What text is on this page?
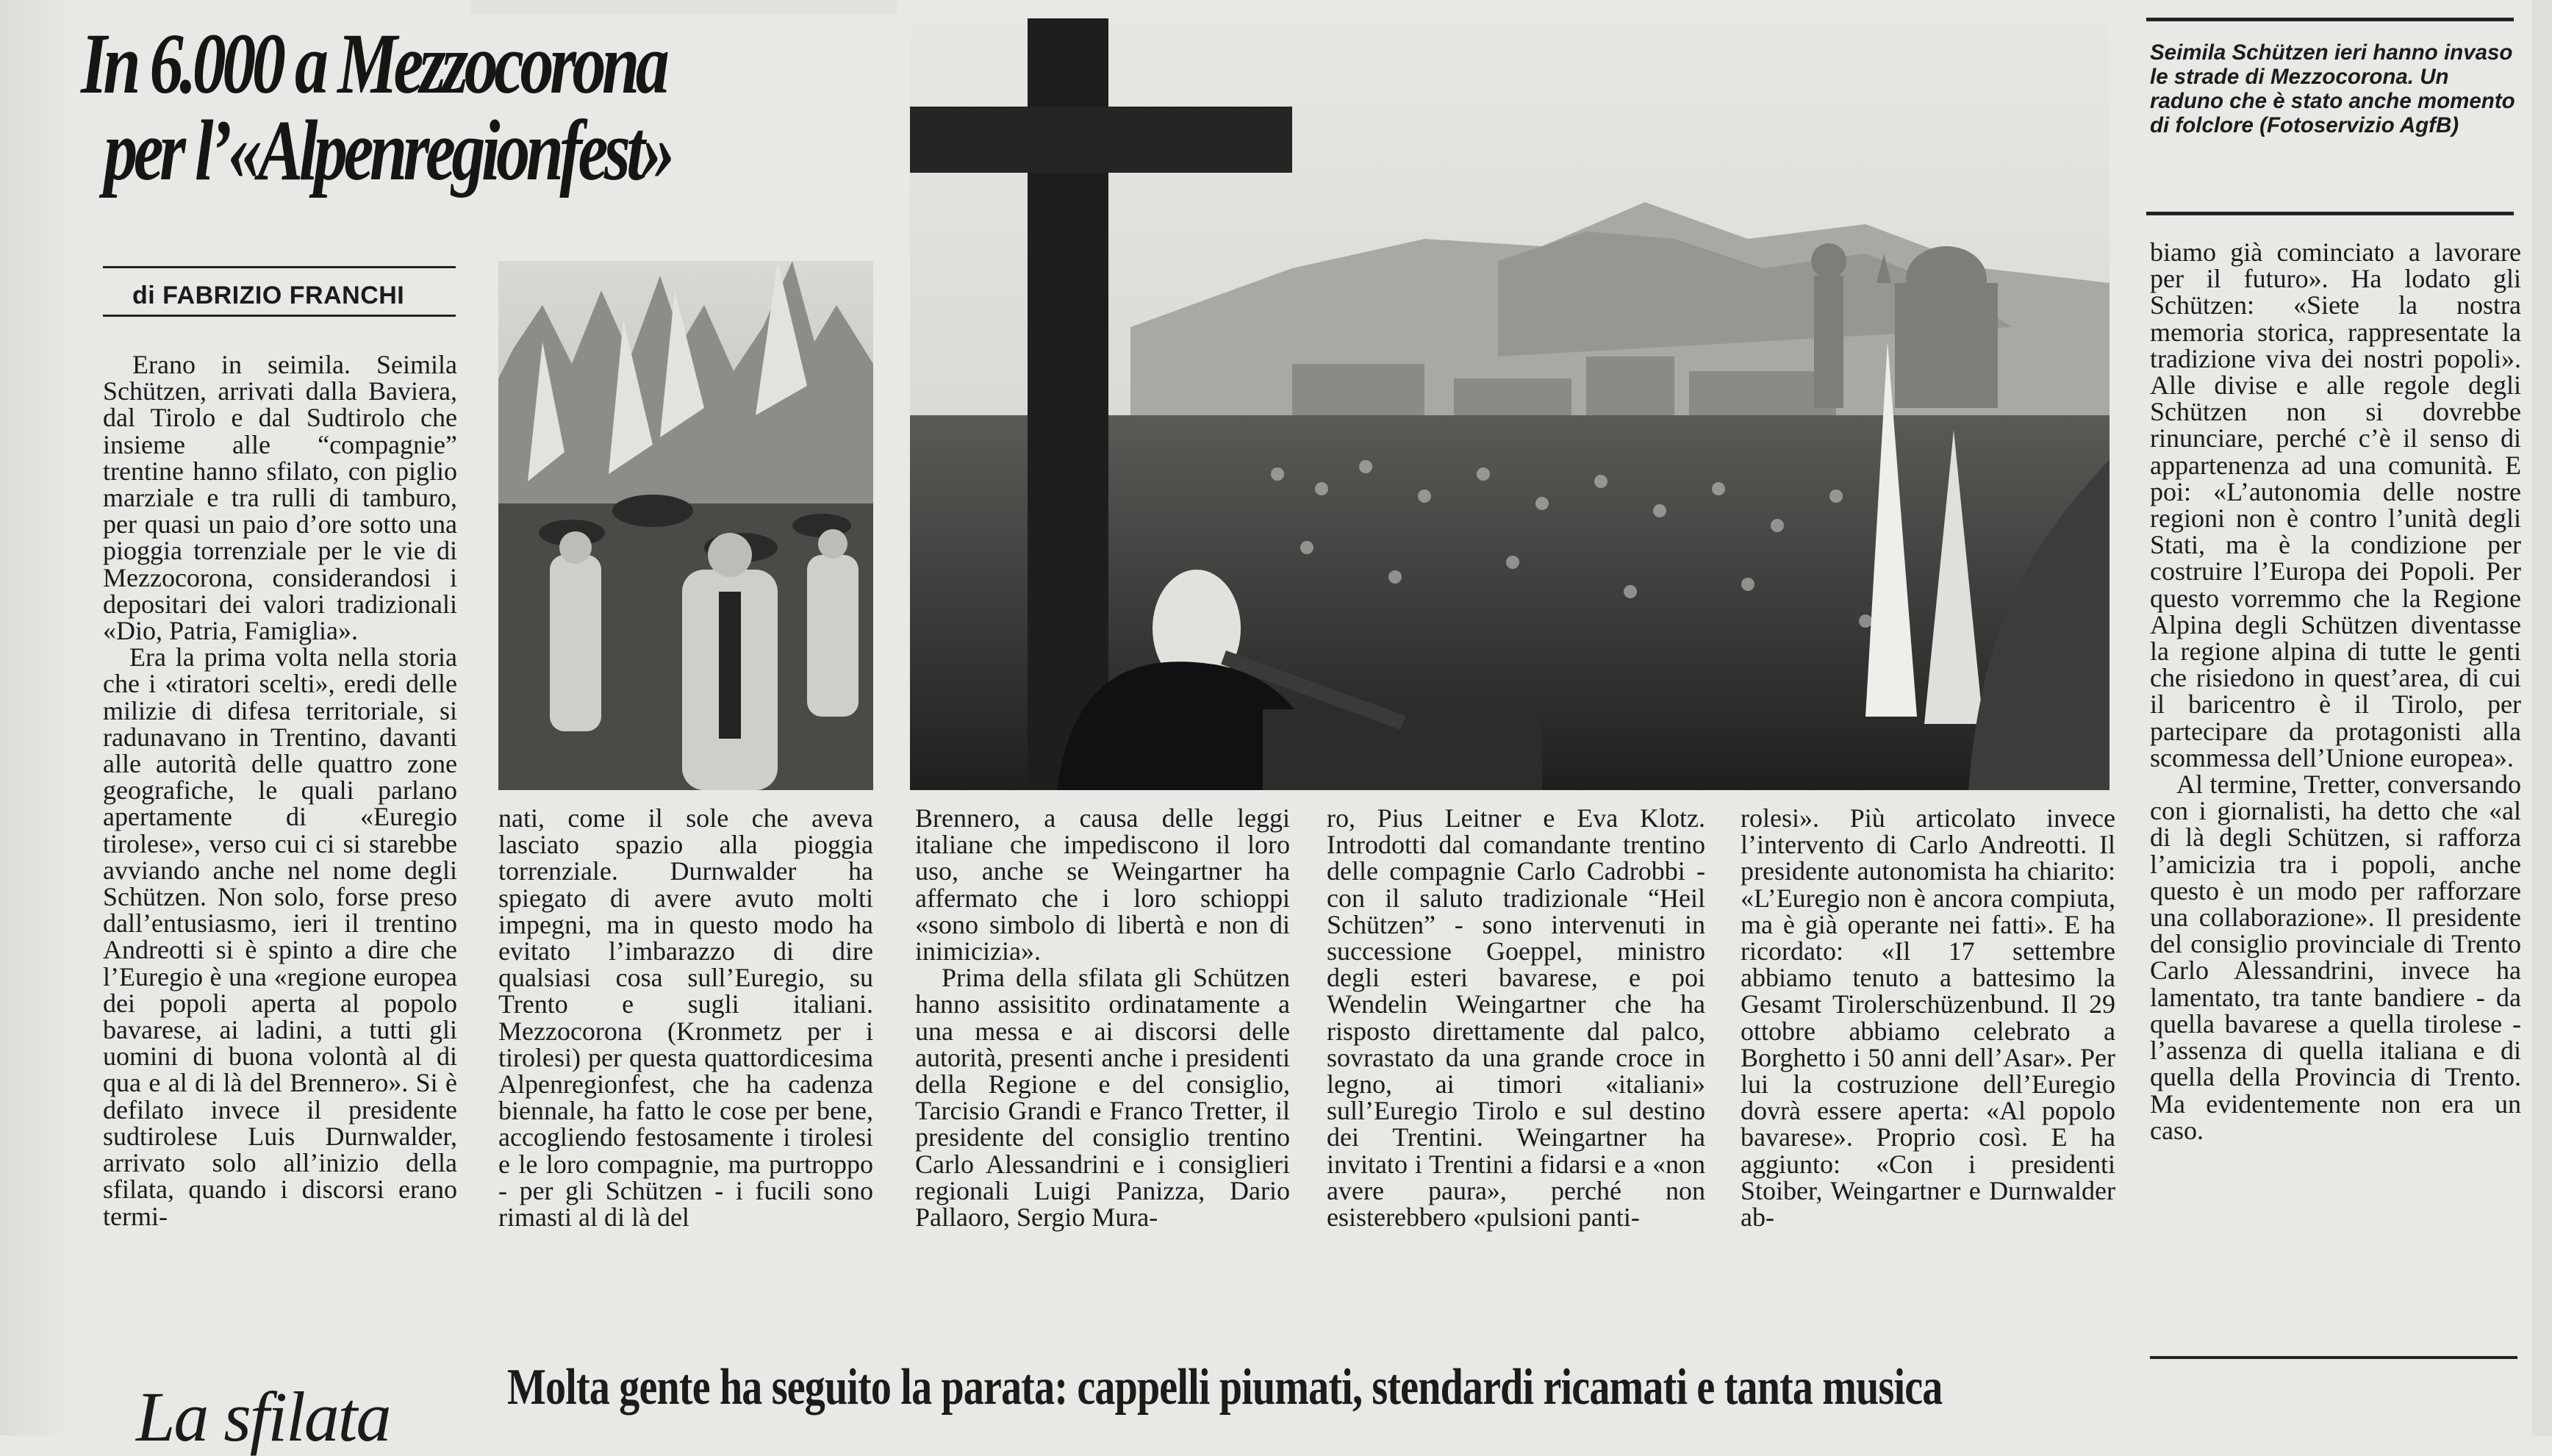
In 6.000 a Mezzocorona
per l’«Alpenregionfest»
di FABRIZIO FRANCHI

Erano in seimila. Seimila Schützen, arrivati dalla Baviera, dal Tirolo e dal Sudtirolo che insieme alle “compagnie” trentine hanno sfilato, con piglio marziale e tra rulli di tamburo, per quasi un paio d’ore sotto una pioggia torrenziale per le vie di Mezzocorona, considerandosi i depositari dei valori tradizionali «Dio, Patria, Famiglia».

Era la prima volta nella storia che i «tiratori scelti», eredi delle milizie di difesa territoriale, si radunavano in Trentino, davanti alle autorità delle quattro zone geografiche, le quali parlano apertamente di «Euregio tirolese», verso cui ci si starebbe avviando anche nel nome degli Schützen. Non solo, forse preso dall’entusiasmo, ieri il trentino Andreotti si è spinto a dire che l’Euregio è una «regione europea dei popoli aperta al popolo bavarese, ai ladini, a tutti gli uomini di buona volontà al di qua e al di là del Brennero». Si è defilato invece il presidente sudtirolese Luis Durnwalder, arrivato solo all’inizio della sfilata, quando i discorsi erano termi-

Seimila Schützen ieri hanno invaso le strade di Mezzocorona. Un raduno che è stato anche momento di folclore (Fotoservizio AgfB)

nati, come il sole che aveva lasciato spazio alla pioggia torrenziale. Durnwalder ha spiegato di avere avuto molti impegni, ma in questo modo ha evitato l’imbarazzo di dire qualsiasi cosa sull’Euregio, su Trento e sugli italiani. Mezzocorona (Kronmetz per i tirolesi) per questa quattordicesima Alpenregionfest, che ha cadenza biennale, ha fatto le cose per bene, accogliendo festosamente i tirolesi e le loro compagnie, ma purtroppo - per gli Schützen - i fucili sono rimasti al di là del

Brennero, a causa delle leggi italiane che impediscono il loro uso, anche se Weingartner ha affermato che i loro schioppi «sono simbolo di libertà e non di inimicizia».

Prima della sfilata gli Schützen hanno assisitito ordinatamente a una messa e ai discorsi delle autorità, presenti anche i presidenti della Regione e del consiglio, Tarcisio Grandi e Franco Tretter, il presidente del consiglio trentino Carlo Alessandrini e i consiglieri regionali Luigi Panizza, Dario Pallaoro, Sergio Mura-

ro, Pius Leitner e Eva Klotz. Introdotti dal comandante trentino delle compagnie Carlo Cadrobbi - con il saluto tradizionale “Heil Schützen” - sono intervenuti in successione Goeppel, ministro degli esteri bavarese, e poi Wendelin Weingartner che ha risposto direttamente dal palco, sovrastato da una grande croce in legno, ai timori «italiani» sull’Euregio Tirolo e sul destino dei Trentini. Weingartner ha invitato i Trentini a fidarsi e a «non avere paura», perché non esisterebbero «pulsioni panti-

rolesi». Più articolato invece l’intervento di Carlo Andreotti. Il presidente autonomista ha chiarito: «L’Euregio non è ancora compiuta, ma è già operante nei fatti». E ha ricordato: «Il 17 settembre abbiamo tenuto a battesimo la Gesamt Tirolerschüzenbund. Il 29 ottobre abbiamo celebrato a Borghetto i 50 anni dell’Asar». Per lui la costruzione dell’Euregio dovrà essere aperta: «Al popolo bavarese». Proprio così. E ha aggiunto: «Con i presidenti Stoiber, Weingartner e Durnwalder ab-

biamo già cominciato a lavorare per il futuro». Ha lodato gli Schützen: «Siete la nostra memoria storica, rappresentate la tradizione viva dei nostri popoli». Alle divise e alle regole degli Schützen non si dovrebbe rinunciare, perché c’è il senso di appartenenza ad una comunità. E poi: «L’autonomia delle nostre regioni non è contro l’unità degli Stati, ma è la condizione per costruire l’Europa dei Popoli. Per questo vorremmo che la Regione Alpina degli Schützen diventasse la regione alpina di tutte le genti che risiedono in quest’area, di cui il baricentro è il Tirolo, per partecipare da protagonisti alla scommessa dell’Unione europea».

Al termine, Tretter, conversando con i giornalisti, ha detto che «al di là degli Schützen, si rafforza l’amicizia tra i popoli, anche questo è un modo per rafforzare una collaborazione». Il presidente del consiglio provinciale di Trento Carlo Alessandrini, invece ha lamentato, tra tante bandiere - da quella bavarese a quella tirolese - l’assenza di quella italiana e di quella della Provincia di Trento. Ma evidentemente non era un caso.

Molta gente ha seguito la parata: cappelli piumati, stendardi ricamati e tanta musica
La sfilata
